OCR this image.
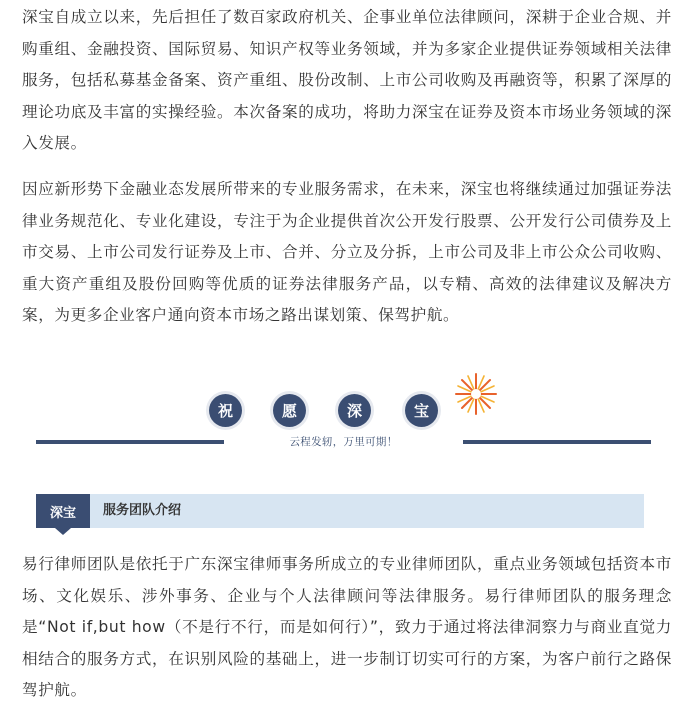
深宝自成立以来，先后担任了数百家政府机关、企事业单位法律顾问，深耕于企业合规、并购重组、金融投资、国际贸易、知识产权等业务领域，并为多家企业提供证券领域相关法律服务，包括私募基金备案、资产重组、股份改制、上市公司收购及再融资等，积累了深厚的理论功底及丰富的实操经验。本次备案的成功，将助力深宝在证券及资本市场业务领域的深入发展。

因应新形势下金融业态发展所带来的专业服务需求，在未来，深宝也将继续通过加强证券法律业务规范化、专业化建设，专注于为企业提供首次公开发行股票、公开发行公司债券及上市交易、上市公司发行证券及上市、合并、分立及分拆，上市公司及非上市公众公司收购、重大资产重组及股份回购等优质的证券法律服务产品，以专精、高效的法律建议及解决方案，为更多企业客户通向资本市场之路出谋划策、保驾护航。

祝	愿	深	宝
云程发轫，万里可期！
深宝	服务团队介绍

易行律师团队是依托于广东深宝律师事务所成立的专业律师团队，重点业务领域包括资本市场、文化娱乐、涉外事务、企业与个人法律顾问等法律服务。易行律师团队的服务理念是“Not if,but how（不是行不行，而是如何行）”，致力于通过将法律洞察力与商业直觉力相结合的服务方式，在识别风险的基础上，进一步制订切实可行的方案，为客户前行之路保驾护航。
